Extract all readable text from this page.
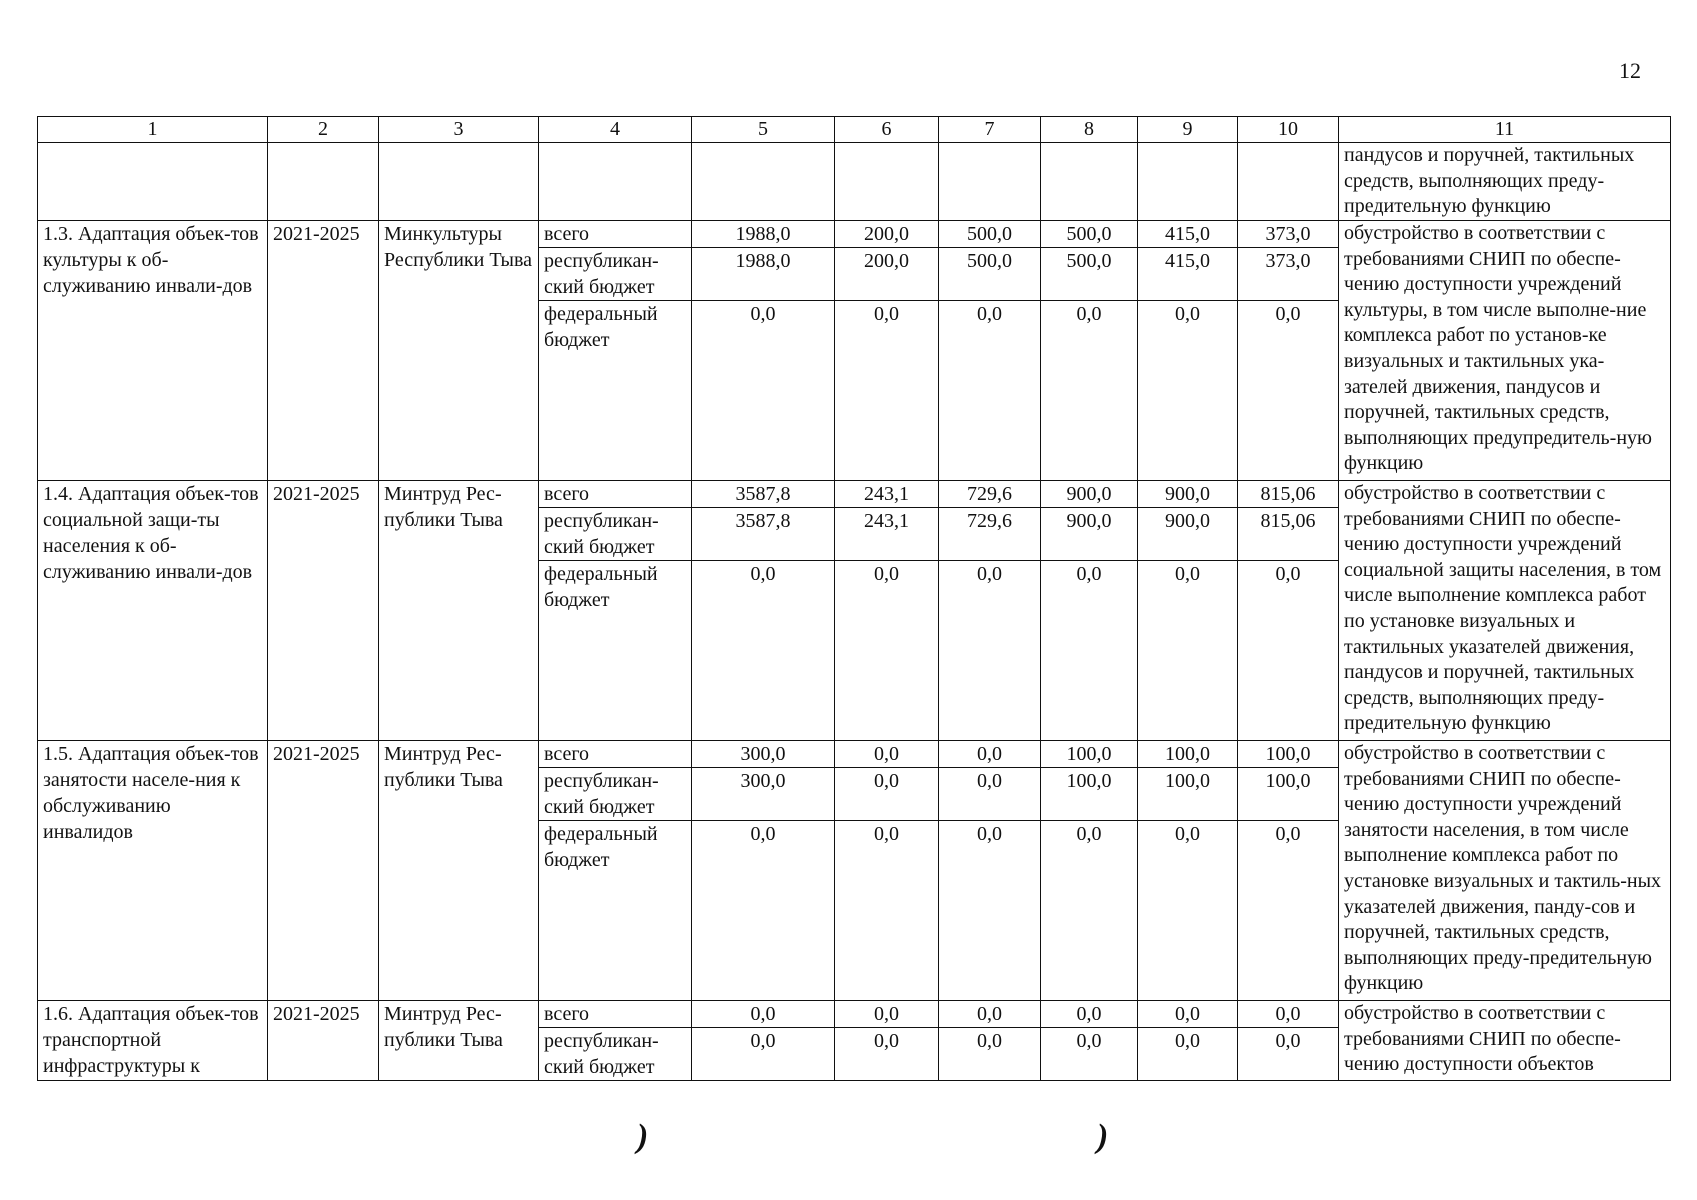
12
1	2	3	4	5	6	7	8	9	10	11
										пандусов и поручней, тактильных средств, выполняющих преду-предительную функцию
1.3. Адаптация объек-тов культуры к об-служиванию инвали-дов	2021-2025	Минкультуры Республики Тыва	всего	1988,0	200,0	500,0	500,0	415,0	373,0	обустройство в соответствии с требованиями СНИП по обеспе-чению доступности учреждений культуры, в том числе выполне-ние комплекса работ по установ-ке визуальных и тактильных ука-зателей движения, пандусов и поручней, тактильных средств, выполняющих предупредитель-ную функцию
			республикан-ский бюджет	1988,0	200,0	500,0	500,0	415,0	373,0	
			федеральный бюджет	0,0	0,0	0,0	0,0	0,0	0,0	
1.4. Адаптация объек-тов социальной защи-ты населения к об-служиванию инвали-дов	2021-2025	Минтруд Рес-публики Тыва	всего	3587,8	243,1	729,6	900,0	900,0	815,06	обустройство в соответствии с требованиями СНИП по обеспе-чению доступности учреждений социальной защиты населения, в том числе выполнение комплекса работ по установке визуальных и тактильных указателей движения, пандусов и поручней, тактильных средств, выполняющих преду-предительную функцию
			республикан-ский бюджет	3587,8	243,1	729,6	900,0	900,0	815,06	
			федеральный бюджет	0,0	0,0	0,0	0,0	0,0	0,0	
1.5. Адаптация объек-тов занятости населе-ния к обслуживанию инвалидов	2021-2025	Минтруд Рес-публики Тыва	всего	300,0	0,0	0,0	100,0	100,0	100,0	обустройство в соответствии с требованиями СНИП по обеспе-чению доступности учреждений занятости населения, в том числе выполнение комплекса работ по установке визуальных и тактиль-ных указателей движения, панду-сов и поручней, тактильных средств, выполняющих преду-предительную функцию
			республикан-ский бюджет	300,0	0,0	0,0	100,0	100,0	100,0	
			федеральный бюджет	0,0	0,0	0,0	0,0	0,0	0,0	
1.6. Адаптация объек-тов транспортной инфраструктуры к	2021-2025	Минтруд Рес-публики Тыва	всего	0,0	0,0	0,0	0,0	0,0	0,0	обустройство в соответствии с требованиями СНИП по обеспе-чению доступности объектов
			республикан-ский бюджет	0,0	0,0	0,0	0,0	0,0	0,0	
)	)
